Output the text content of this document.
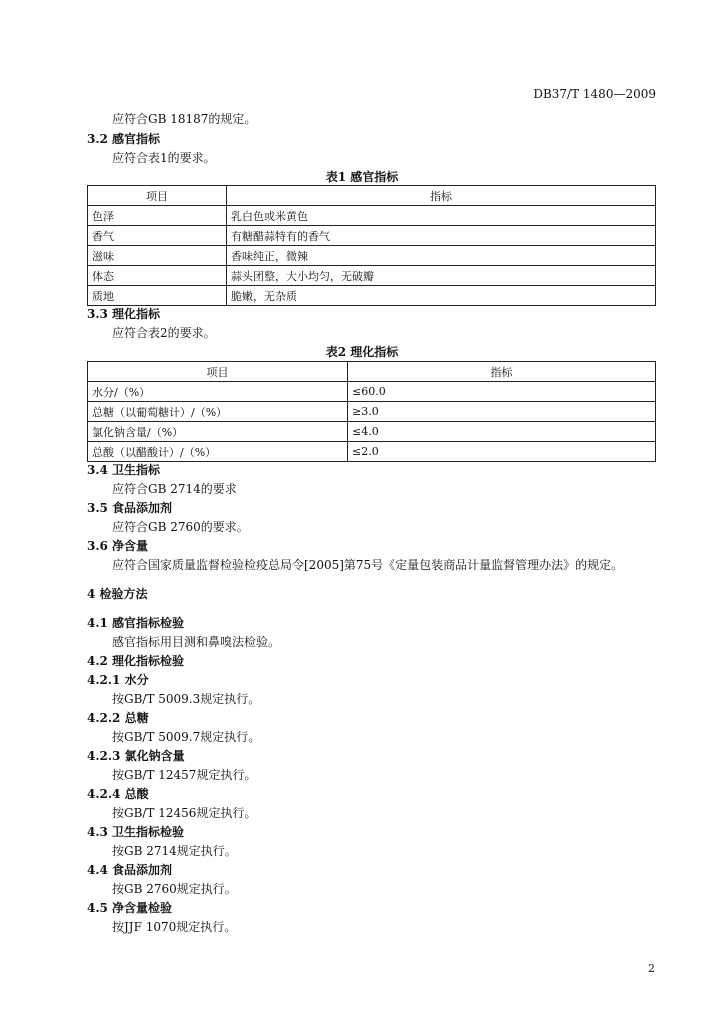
DB37/T 1480—2009
应符合GB 18187的规定。
3.2 感官指标
应符合表1的要求。
表1 感官指标
项目	指标
色泽	乳白色或米黄色
香气	有糖醋蒜特有的香气
滋味	香味纯正，微辣
体态	蒜头团整，大小均匀，无破瓣
质地	脆嫩，无杂质
3.3 理化指标
应符合表2的要求。
表2 理化指标
项目	指标
水分/（%）	≤60.0
总糖（以葡萄糖计）/（%）	≥3.0
氯化钠含量/（%）	≤4.0
总酸（以醋酸计）/（%）	≤2.0
3.4 卫生指标
应符合GB 2714的要求
3.5 食品添加剂
应符合GB 2760的要求。
3.6 净含量
应符合国家质量监督检验检疫总局令[2005]第75号《定量包装商品计量监督管理办法》的规定。
4 检验方法
4.1 感官指标检验
感官指标用目测和鼻嗅法检验。
4.2 理化指标检验
4.2.1 水分
按GB/T 5009.3规定执行。
4.2.2 总糖
按GB/T 5009.7规定执行。
4.2.3 氯化钠含量
按GB/T 12457规定执行。
4.2.4 总酸
按GB/T 12456规定执行。
4.3 卫生指标检验
按GB 2714规定执行。
4.4 食品添加剂
按GB 2760规定执行。
4.5 净含量检验
按JJF 1070规定执行。
2
